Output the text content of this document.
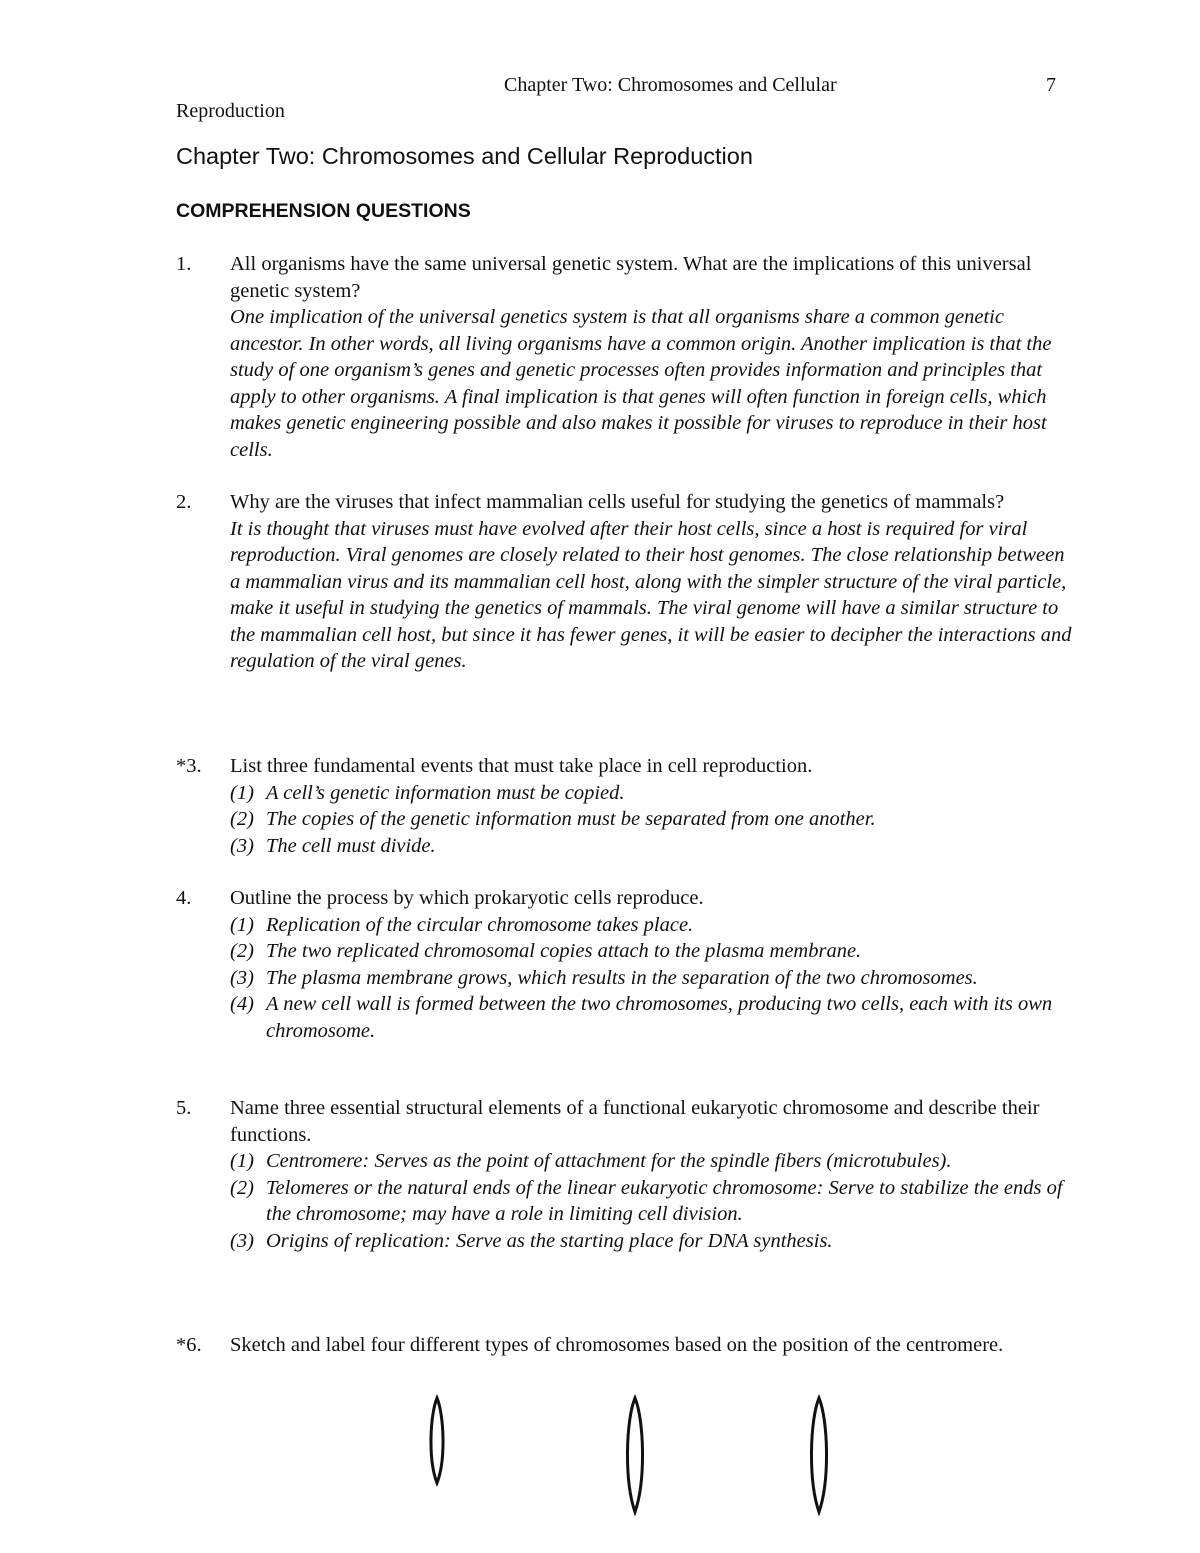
Chapter Two: Chromosomes and Cellular	7
Reproduction
Chapter Two: Chromosomes and Cellular Reproduction
COMPREHENSION QUESTIONS
1. All organisms have the same universal genetic system. What are the implications of this universal genetic system?
One implication of the universal genetics system is that all organisms share a common genetic ancestor. In other words, all living organisms have a common origin. Another implication is that the study of one organism’s genes and genetic processes often provides information and principles that apply to other organisms. A final implication is that genes will often function in foreign cells, which makes genetic engineering possible and also makes it possible for viruses to reproduce in their host cells.
2. Why are the viruses that infect mammalian cells useful for studying the genetics of mammals?
It is thought that viruses must have evolved after their host cells, since a host is required for viral reproduction. Viral genomes are closely related to their host genomes. The close relationship between a mammalian virus and its mammalian cell host, along with the simpler structure of the viral particle, make it useful in studying the genetics of mammals. The viral genome will have a similar structure to the mammalian cell host, but since it has fewer genes, it will be easier to decipher the interactions and regulation of the viral genes.
*3. List three fundamental events that must take place in cell reproduction.
(1) A cell’s genetic information must be copied.
(2) The copies of the genetic information must be separated from one another.
(3) The cell must divide.
4. Outline the process by which prokaryotic cells reproduce.
(1) Replication of the circular chromosome takes place.
(2) The two replicated chromosomal copies attach to the plasma membrane.
(3) The plasma membrane grows, which results in the separation of the two chromosomes.
(4) A new cell wall is formed between the two chromosomes, producing two cells, each with its own chromosome.
5. Name three essential structural elements of a functional eukaryotic chromosome and describe their functions.
(1) Centromere: Serves as the point of attachment for the spindle fibers (microtubules).
(2) Telomeres or the natural ends of the linear eukaryotic chromosome: Serve to stabilize the ends of the chromosome; may have a role in limiting cell division.
(3) Origins of replication: Serve as the starting place for DNA synthesis.
*6. Sketch and label four different types of chromosomes based on the position of the centromere.
